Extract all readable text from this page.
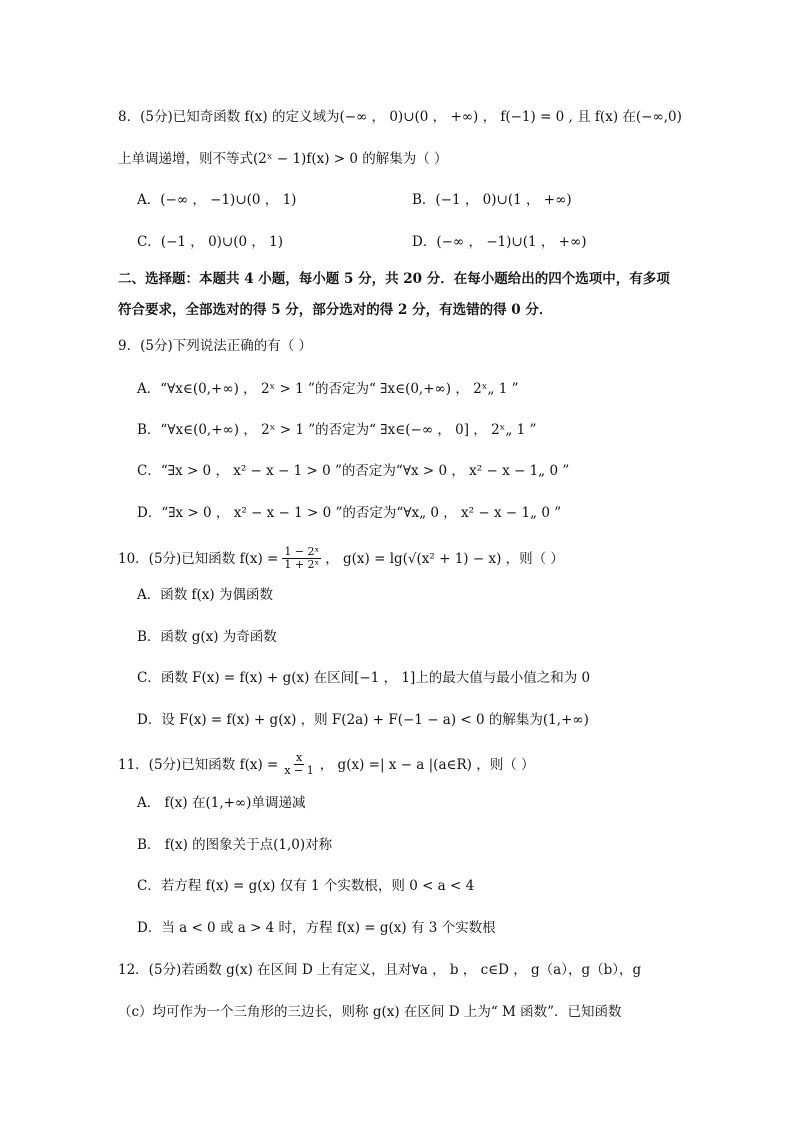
8．(5分)已知奇函数 f(x) 的定义域为(−∞ ， 0)∪(0 ， +∞) ， f(−1) = 0 , 且 f(x) 在(−∞,0)
上单调递增，则不等式(2ˣ − 1)f(x) > 0 的解集为（ ）
A．(−∞ ， −1)∪(0 ， 1)	B．(−1 ， 0)∪(1 ， +∞)
C．(−1 ， 0)∪(0 ， 1)	D．(−∞ ， −1)∪(1 ， +∞)
二、选择题：本题共 4 小题，每小题 5 分，共 20 分．在每小题给出的四个选项中，有多项
符合要求，全部选对的得 5 分，部分选对的得 2 分，有选错的得 0 分．
9．(5分)下列说法正确的有（ ）
A．“∀x∈(0,+∞) ， 2ˣ > 1 ”的否定为“ ∃x∈(0,+∞) ， 2ˣ„ 1 ”
B．“∀x∈(0,+∞) ， 2ˣ > 1 ”的否定为“ ∃x∈(−∞ ， 0] ， 2ˣ„ 1 ”
C．“∃x > 0 ， x² − x − 1 > 0 ”的否定为“∀x > 0 ， x² − x − 1„ 0 ”
D．“∃x > 0 ， x² − x − 1 > 0 ”的否定为“∀x„ 0 ， x² − x − 1„ 0 ”
10．(5分)已知函数 $f(x) = \frac{\text{1 − 2ˣ}}{\text{1 + 2ˣ}}$ ， g(x) = lg(√(x² + 1) − x) ，则（ ）
A．函数 f(x) 为偶函数
B．函数 g(x) 为奇函数
C．函数 F(x) = f(x) + g(x) 在区间[−1 ， 1]上的最大值与最小值之和为 0
D．设 F(x) = f(x) + g(x) ，则 F(2a) + F(−1 − a) < 0 的解集为(1,+∞)
11．(5分)已知函数 $f(x) = \frac{x}{x - 1}$ ， g(x) =| x − a |(a∈R) ，则（ ）
A． f(x) 在(1,+∞)单调递减
B． f(x) 的图象关于点(1,0)对称
C．若方程 f(x) = g(x) 仅有 1 个实数根，则 0 < a < 4
D．当 a < 0 或 a > 4 时，方程 f(x) = g(x) 有 3 个实数根
12．(5分)若函数 g(x) 在区间 D 上有定义，且对∀a ， b ， c∈D ， g（a），g（b），g
（c）均可作为一个三角形的三边长，则称 g(x) 在区间 D 上为“ M 函数”．已知函数
